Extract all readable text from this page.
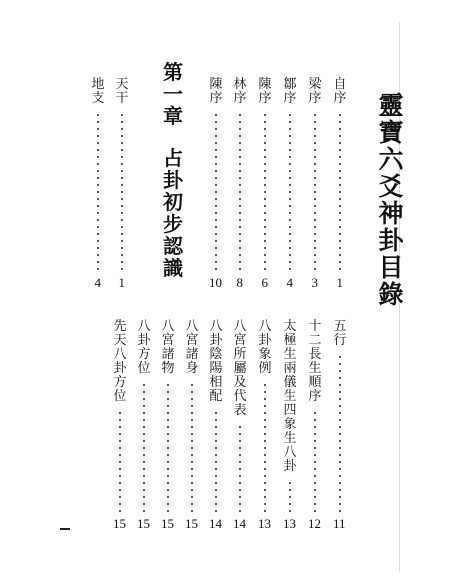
靈
寶
六
爻
神
卦
目
錄
第
一
章
占
卦
初
步
認
識
自
序
1
梁
序
3
鄒
序
4
陳
序
6
林
序
8
陳
序
10
天
干
1
地
支
4
五
行
11
十
二
長
生
順
序
12
太
極
生
兩
儀
生
四
象
生
八
卦
13
八
卦
象
例
13
八
宮
所
屬
及
代
表
14
八
卦
陰
陽
相
配
14
八
宮
諸
身
15
八
宮
諸
物
15
八
卦
方
位
15
先
天
八
卦
方
位
15
